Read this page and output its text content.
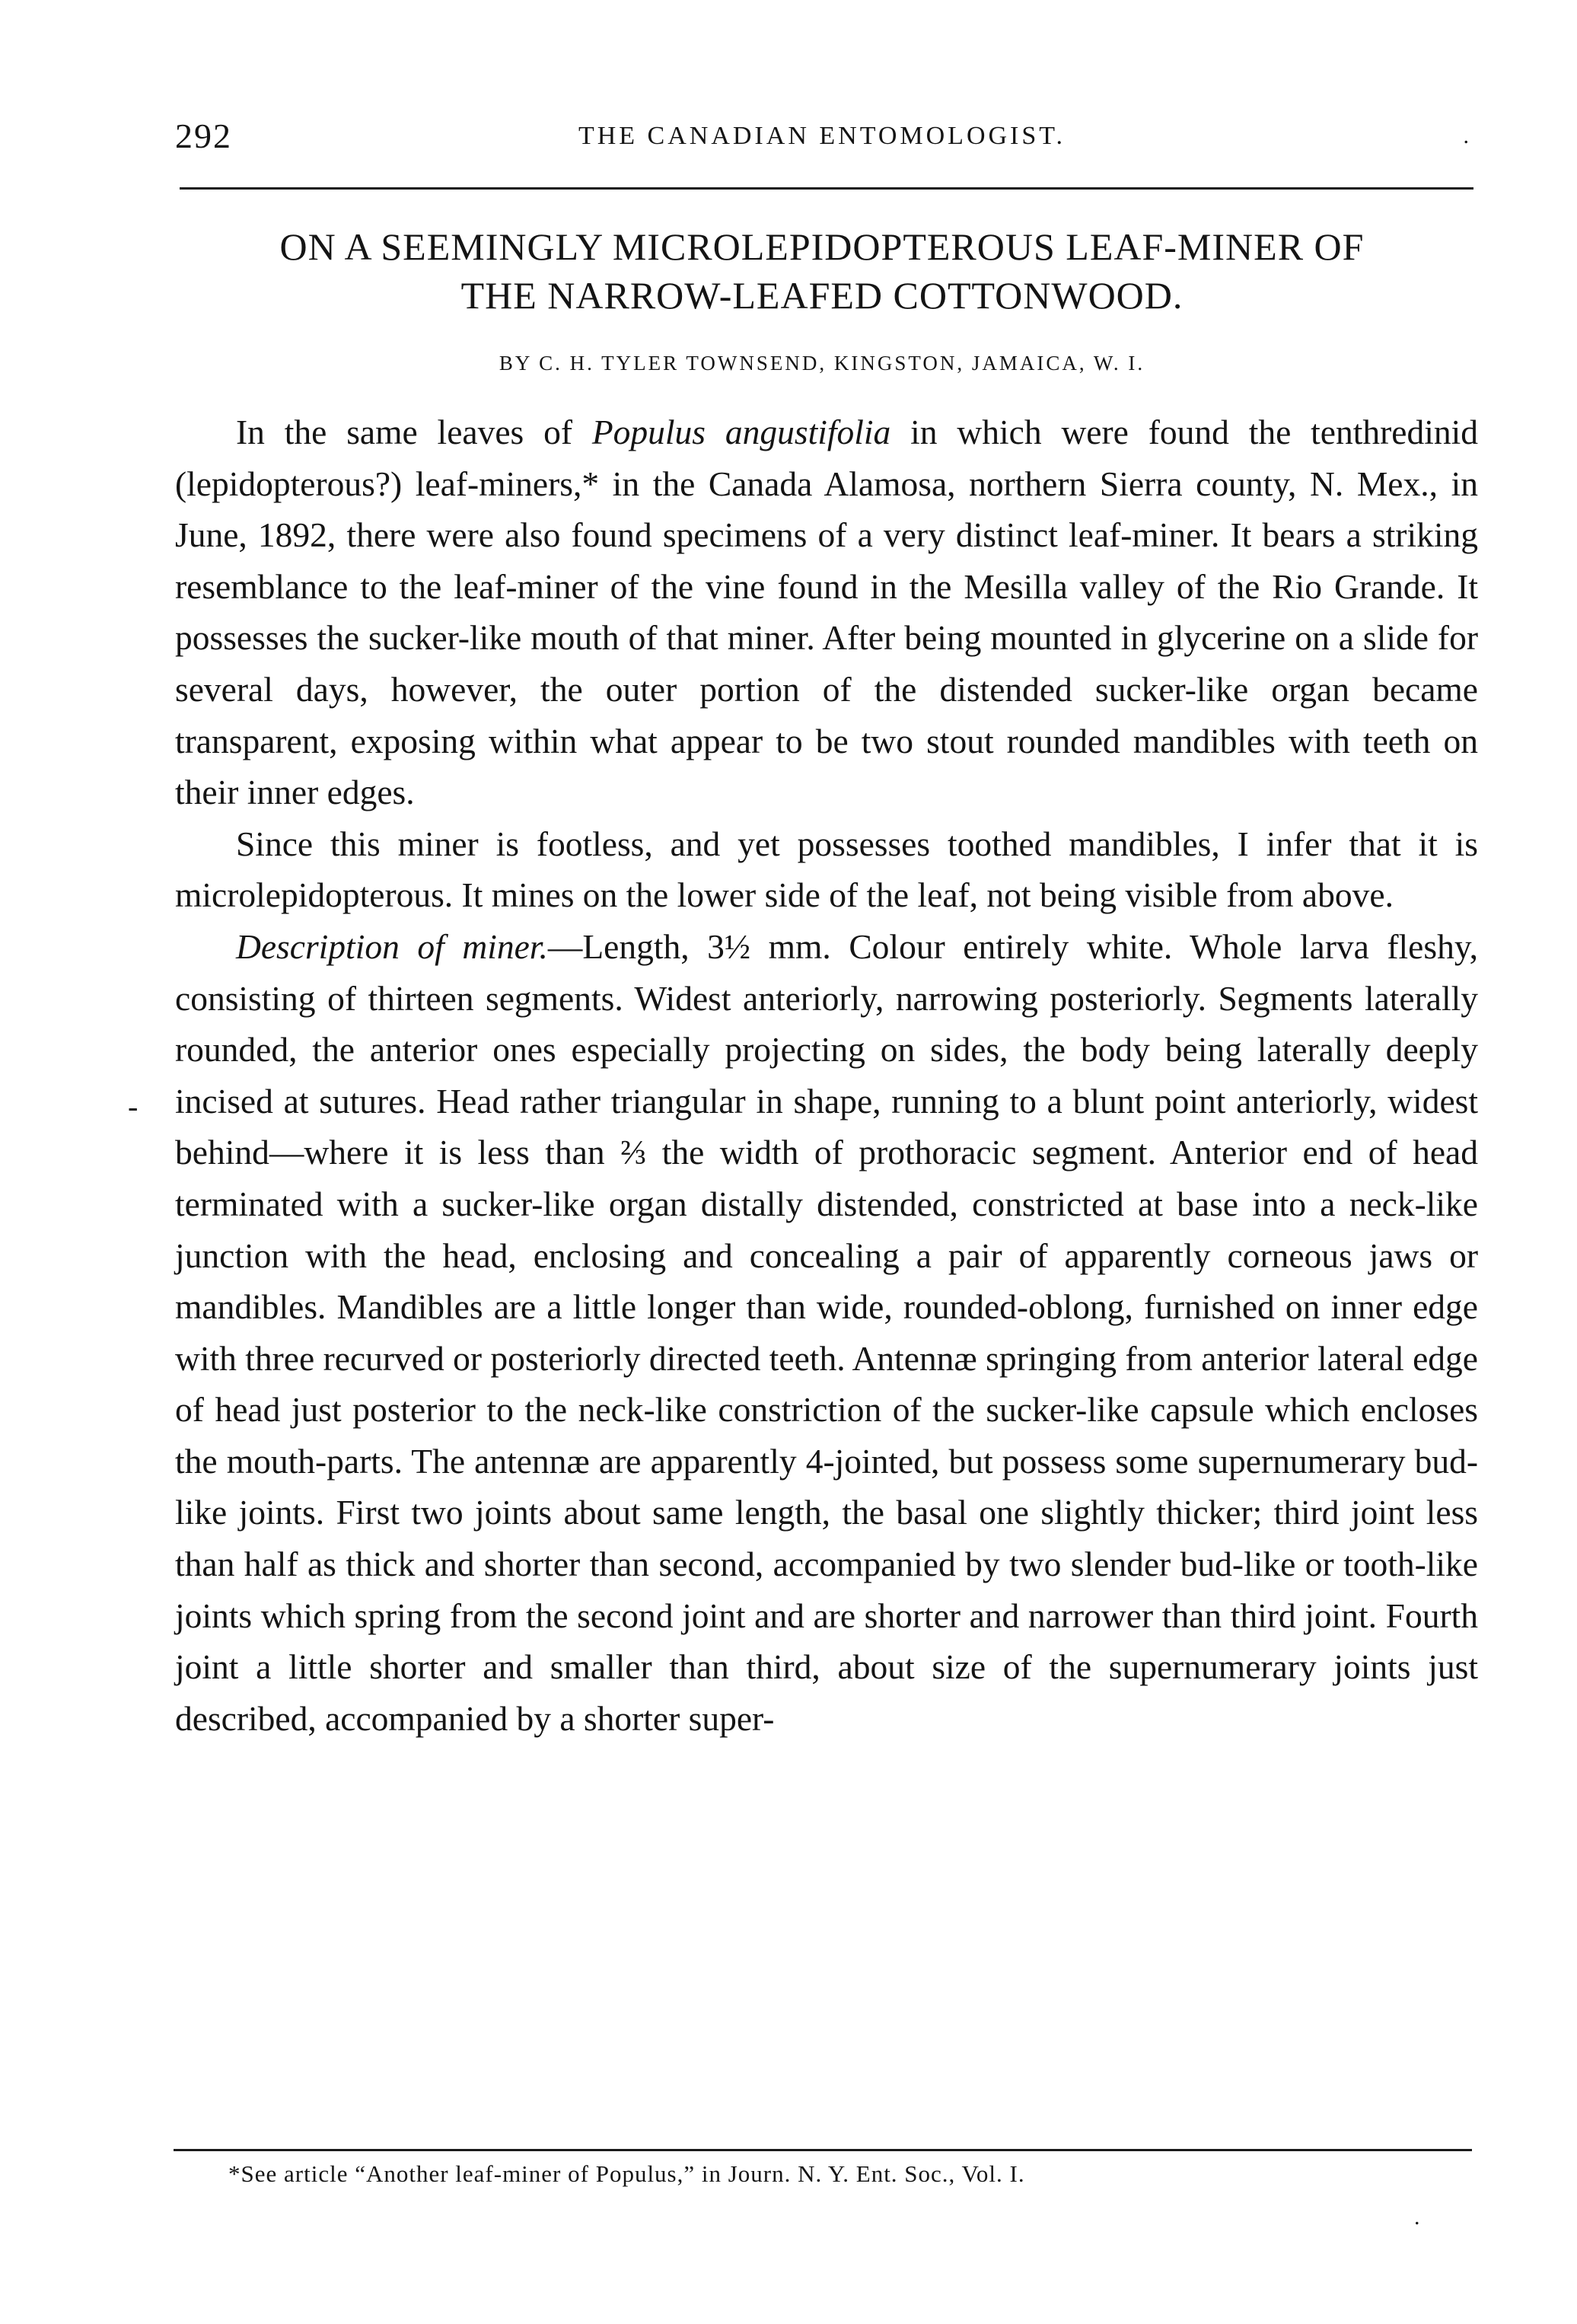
292	THE CANADIAN ENTOMOLOGIST.	.
ON A SEEMINGLY MICROLEPIDOPTEROUS LEAF-MINER OF
THE NARROW-LEAFED COTTONWOOD.
BY C. H. TYLER TOWNSEND, KINGSTON, JAMAICA, W. I.
-

In the same leaves of Populus angustifolia in which were found the tenthredinid (lepidopterous?) leaf-miners,* in the Canada Alamosa, northern Sierra county, N. Mex., in June, 1892, there were also found specimens of a very distinct leaf-miner. It bears a striking resemblance to the leaf-miner of the vine found in the Mesilla valley of the Rio Grande. It possesses the sucker-like mouth of that miner. After being mounted in glycerine on a slide for several days, however, the outer portion of the distended sucker-like organ became transparent, exposing within what appear to be two stout rounded mandibles with teeth on their inner edges.

Since this miner is footless, and yet possesses toothed mandibles, I infer that it is microlepidopterous. It mines on the lower side of the leaf, not being visible from above.

Description of miner.—Length, 3½ mm. Colour entirely white. Whole larva fleshy, consisting of thirteen segments. Widest anteriorly, narrowing posteriorly. Segments laterally rounded, the anterior ones especially projecting on sides, the body being laterally deeply incised at sutures. Head rather triangular in shape, running to a blunt point anteriorly, widest behind—where it is less than ⅔ the width of prothoracic segment. Anterior end of head terminated with a sucker-like organ distally distended, constricted at base into a neck-like junction with the head, enclosing and concealing a pair of apparently corneous jaws or mandibles. Mandibles are a little longer than wide, rounded-oblong, furnished on inner edge with three recurved or posteriorly directed teeth. Antennæ springing from anterior lateral edge of head just posterior to the neck-like constriction of the sucker-like capsule which encloses the mouth-parts. The antennæ are apparently 4-jointed, but possess some supernumerary bud-like joints. First two joints about same length, the basal one slightly thicker; third joint less than half as thick and shorter than second, accompanied by two slender bud-like or tooth-like joints which spring from the second joint and are shorter and narrower than third joint. Fourth joint a little shorter and smaller than third, about size of the supernumerary joints just described, accompanied by a shorter super-

*See article “Another leaf-miner of Populus,” in Journ. N. Y. Ent. Soc., Vol. I.
.
